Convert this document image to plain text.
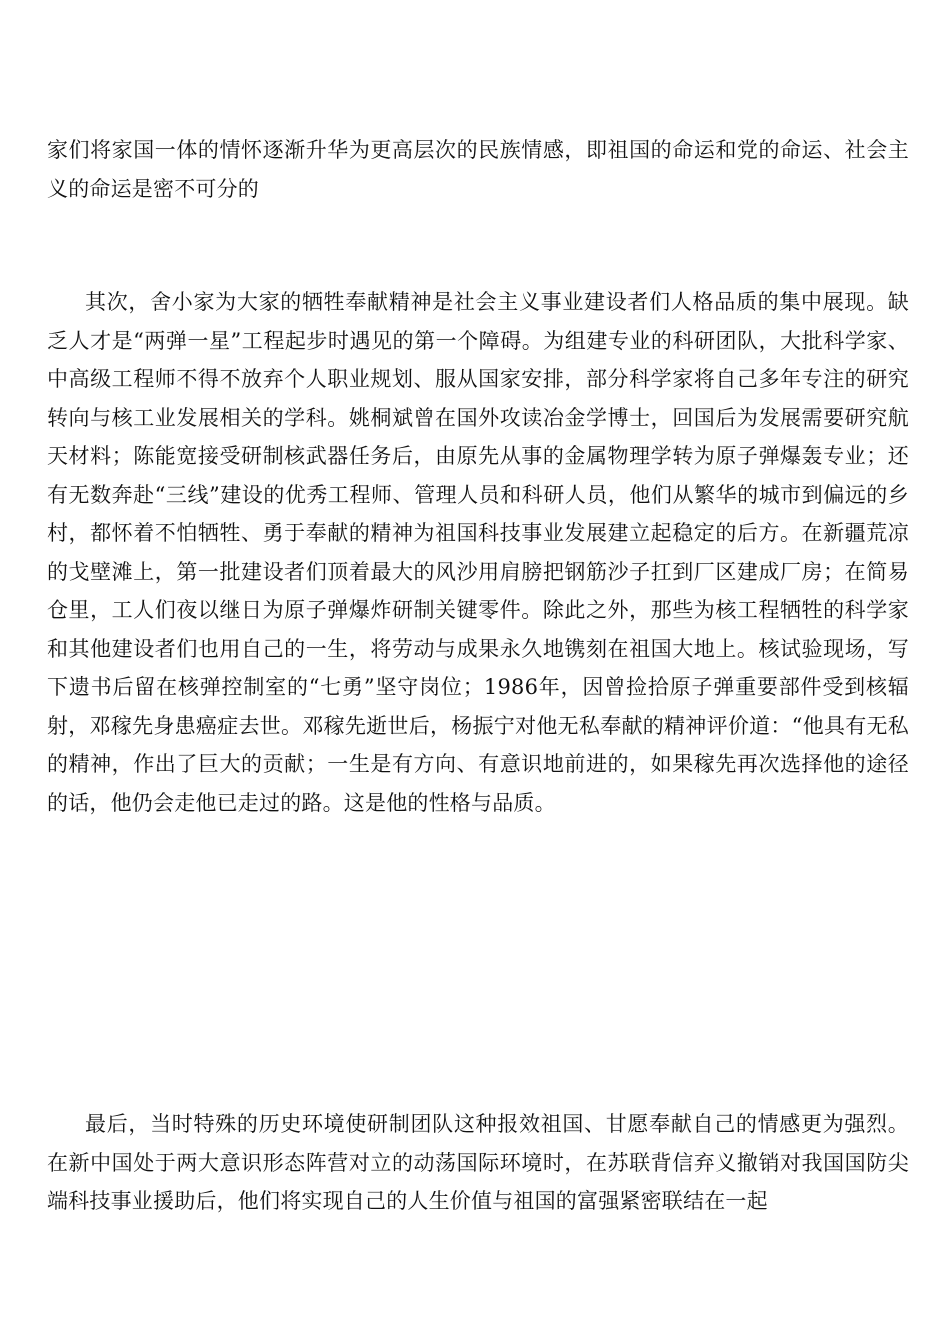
家们将家国一体的情怀逐渐升华为更高层次的民族情感，即祖国的命运和党的命运、社会主义的命运是密不可分的

其次，舍小家为大家的牺牲奉献精神是社会主义事业建设者们人格品质的集中展现。缺乏人才是“两弹一星”工程起步时遇见的第一个障碍。为组建专业的科研团队，大批科学家、中高级工程师不得不放弃个人职业规划、服从国家安排，部分科学家将自己多年专注的研究转向与核工业发展相关的学科。姚桐斌曾在国外攻读冶金学博士，回国后为发展需要研究航天材料；陈能宽接受研制核武器任务后，由原先从事的金属物理学转为原子弹爆轰专业；还有无数奔赴“三线”建设的优秀工程师、管理人员和科研人员，他们从繁华的城市到偏远的乡村，都怀着不怕牺牲、勇于奉献的精神为祖国科技事业发展建立起稳定的后方。在新疆荒凉的戈壁滩上，第一批建设者们顶着最大的风沙用肩膀把钢筋沙子扛到厂区建成厂房；在简易仓里，工人们夜以继日为原子弹爆炸研制关键零件。除此之外，那些为核工程牺牲的科学家和其他建设者们也用自己的一生，将劳动与成果永久地镌刻在祖国大地上。核试验现场，写下遗书后留在核弹控制室的“七勇”坚守岗位；1986年，因曾捡拾原子弹重要部件受到核辐射，邓稼先身患癌症去世。邓稼先逝世后，杨振宁对他无私奉献的精神评价道：“他具有无私的精神，作出了巨大的贡献；一生是有方向、有意识地前进的，如果稼先再次选择他的途径的话，他仍会走他已走过的路。这是他的性格与品质。

最后，当时特殊的历史环境使研制团队这种报效祖国、甘愿奉献自己的情感更为强烈。在新中国处于两大意识形态阵营对立的动荡国际环境时，在苏联背信弃义撤销对我国国防尖端科技事业援助后，他们将实现自己的人生价值与祖国的富强紧密联结在一起
